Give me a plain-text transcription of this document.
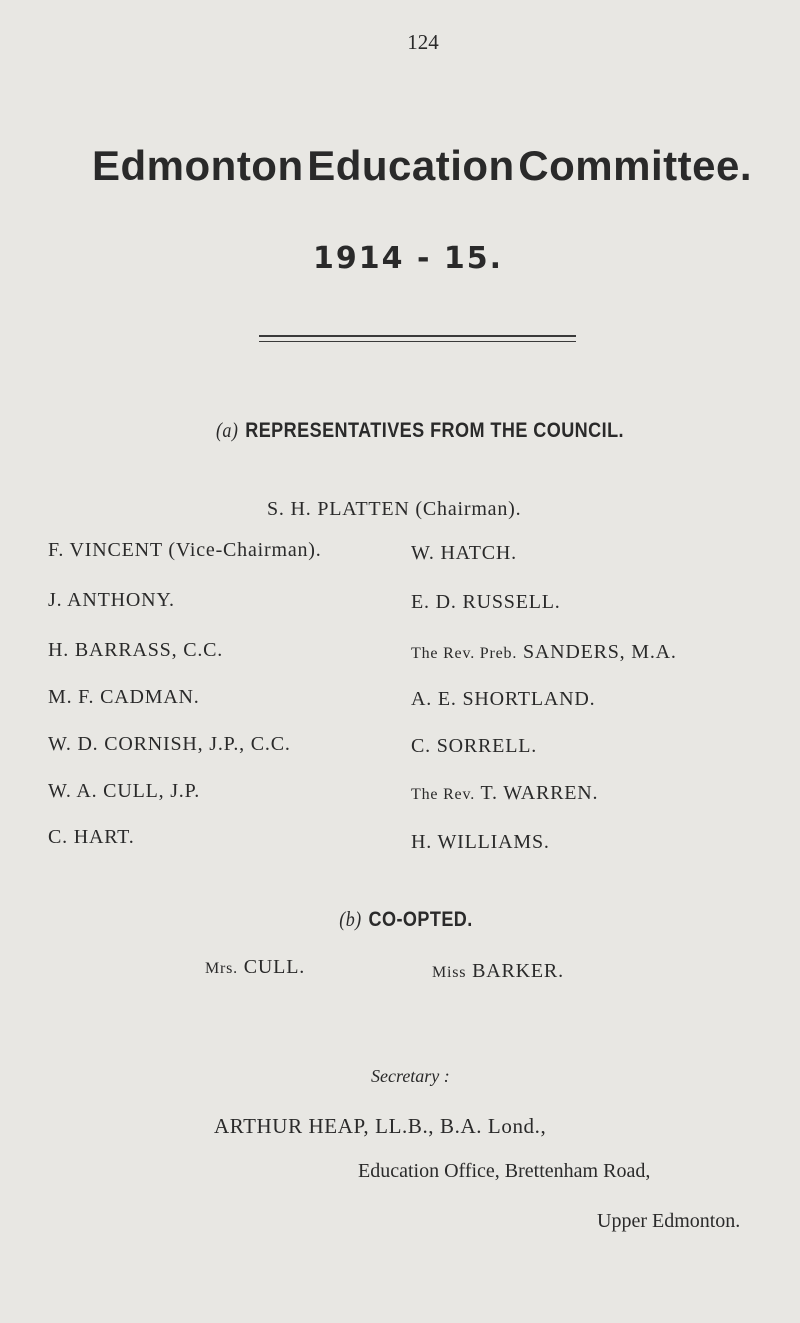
124
Edmonton Education Committee.
1914 - 15.
(a) REPRESENTATIVES FROM THE COUNCIL.
S. H. PLATTEN (Chairman).
F. VINCENT (Vice-Chairman).
J. ANTHONY.
H. BARRASS, C.C.
M. F. CADMAN.
W. D. CORNISH, J.P., C.C.
W. A. CULL, J.P.
C. HART.
W. HATCH.
E. D. RUSSELL.
The Rev. Preb. SANDERS, M.A.
A. E. SHORTLAND.
C. SORRELL.
The Rev. T. WARREN.
H. WILLIAMS.
(b) CO-OPTED.
Mrs. CULL.	Miss BARKER.
Secretary :
ARTHUR HEAP, LL.B., B.A. Lond.,
Education Office, Brettenham Road,
Upper Edmonton.
